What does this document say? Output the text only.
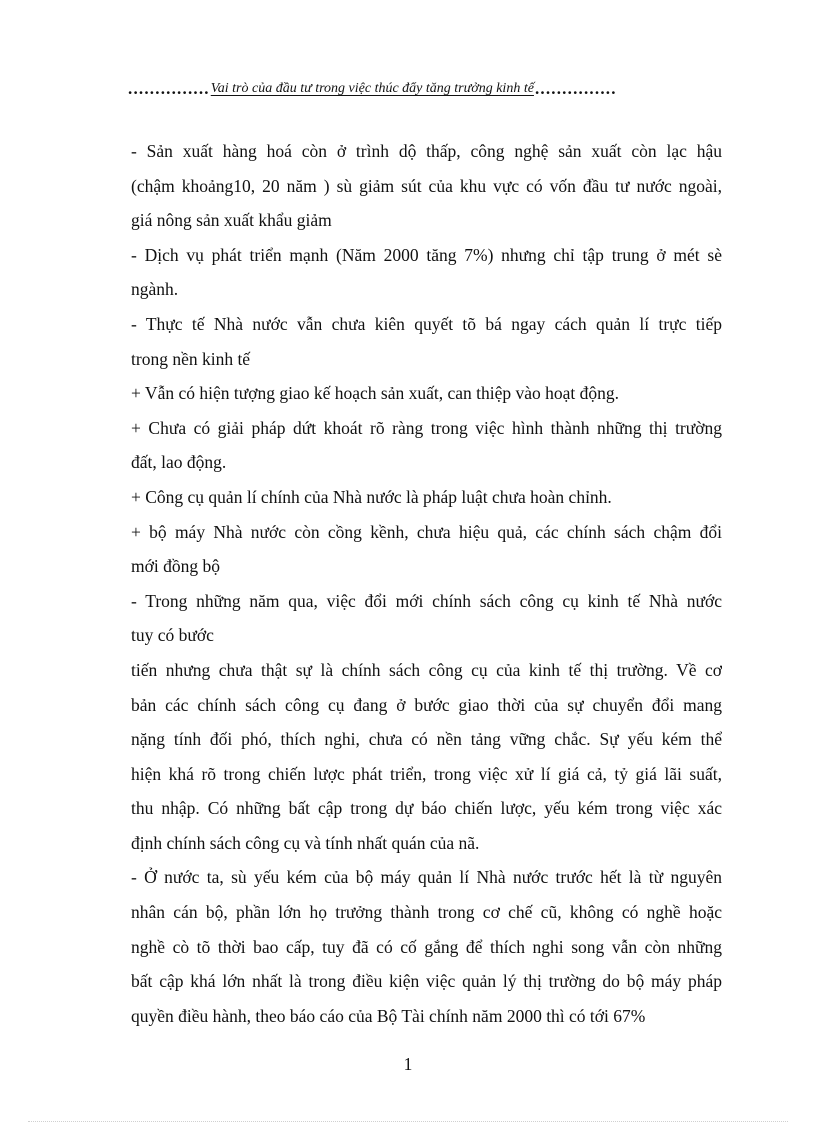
............... Vai trò của đầu tư trong việc thúc đẩy tăng trưởng kinh tế ...............
- Sản xuất hàng hoá còn ở trình dộ thấp, công nghệ sản xuất còn lạc hậu
(chậm khoảng10, 20 năm ) sù giảm sút của khu vực có vốn đầu tư nước ngoài,
giá nông sản xuất khẩu giảm
- Dịch vụ phát triển mạnh (Năm 2000 tăng 7%) nhưng chỉ tập trung ở mét sè
ngành.
- Thực tế Nhà nước vẫn chưa kiên quyết tõ bá ngay cách quản lí trực tiếp
trong nền kinh tế
+ Vẫn có hiện tượng giao kế hoạch sản xuất, can thiệp vào hoạt động.
+ Chưa có giải pháp dứt khoát rõ ràng trong việc hình thành những thị trường
đất, lao động.
+ Công cụ quản lí chính của Nhà nước là pháp luật chưa hoàn chỉnh.
+ bộ máy Nhà nước còn cồng kềnh, chưa hiệu quả, các chính sách chậm đổi
mới đồng bộ
- Trong những năm qua, việc đổi mới chính sách công cụ kinh tế Nhà nước
tuy có bước
tiến nhưng chưa thật sự là chính sách công cụ của kinh tế thị trường. Về cơ
bản các chính sách công cụ đang ở bước giao thời của sự chuyển đổi mang
nặng tính đối phó, thích nghi, chưa có nền tảng vững chắc. Sự yếu kém thể
hiện khá rõ trong chiến lược phát triển, trong việc xử lí giá cả, tỷ giá lãi suất,
thu nhập. Có những bất cập trong dự báo chiến lược, yếu kém trong việc xác
định chính sách công cụ và tính nhất quán của nã.
- Ở nước ta, sù yếu kém của bộ máy quản lí Nhà nước trước hết là từ nguyên
nhân cán bộ, phần lớn họ trưởng thành trong cơ chế cũ, không có nghề hoặc
nghề cò tõ thời bao cấp, tuy đã có cố gắng để thích nghi song vẫn còn những
bất cập khá lớn nhất là trong điều kiện việc quản lý thị trường do bộ máy pháp
quyền điều hành, theo báo cáo của Bộ Tài chính năm 2000 thì có tới 67%
1
